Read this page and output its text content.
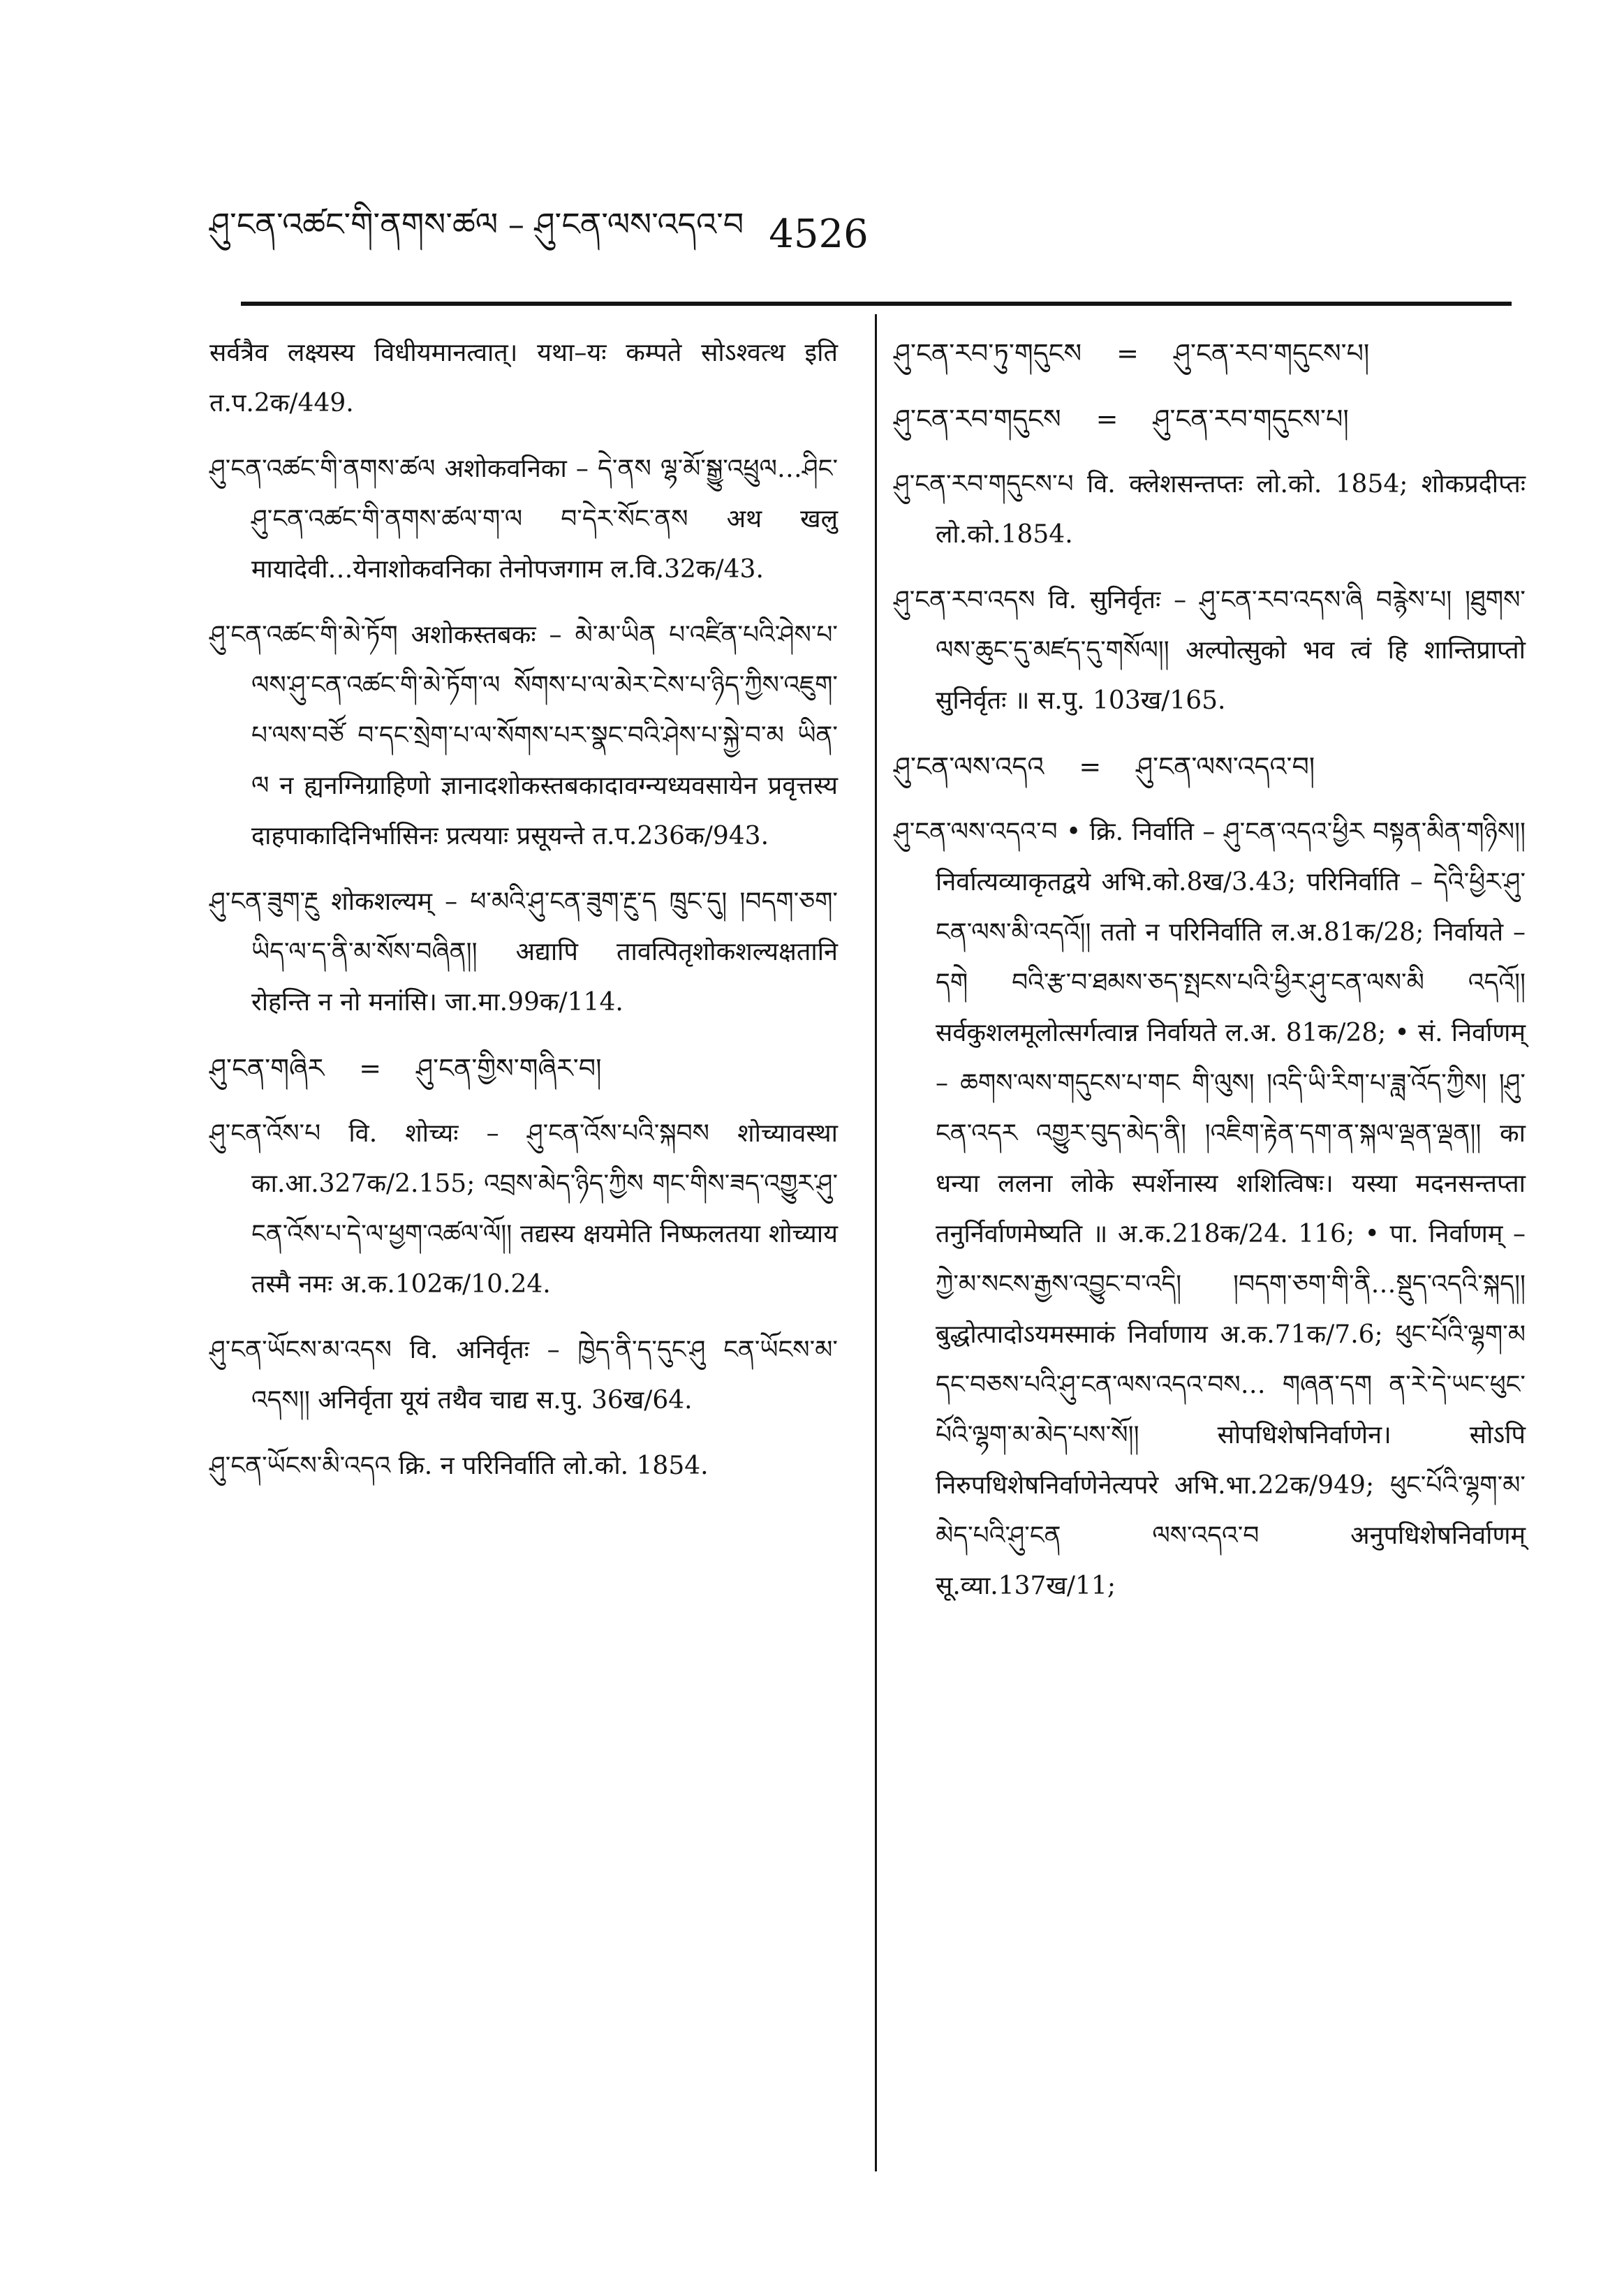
ཤུ་ངན་འཚང་གི་ནགས་ཚལ – ཤུ་ངན་ལས་འདའ་བ 4526

सर्वत्रैव लक्ष्यस्य विधीयमानत्वात्। यथा–यः कम्पते सोऽश्वत्थ इति त.प.2क/449.

ཤུ་ངན་འཚང་གི་ནགས་ཚལ अशोकवनिका – དེ་ནས ལྷ་མོ་སྒྱུ་འཕྲུལ…ཤིང་ཤུ་ངན་འཚང་གི་ནགས་ཚལ་ག་ལ བ་དེར་སོང་ནས अथ खलु मायादेवी…येनाशोकवनिका तेनोपजगाम ल.वि.32क/43.

ཤུ་ངན་འཚང་གི་མེ་ཏོག अशोकस्तबकः – མེ་མ་ཡིན པ་འཛིན་པའི་ཤེས་པ་ལས་ཤུ་ངན་འཚང་གི་མེ་ཏོག་ལ སོགས་པ་ལ་མེར་ངེས་པ་ཉིད་ཀྱིས་འཇུག་པ་ལས་བཙོ བ་དང་སྲེག་པ་ལ་སོགས་པར་སྣང་བའི་ཤེས་པ་སྐྱེ་བ་མ ཡིན་ལ न ह्यनग्निग्राहिणो ज्ञानादशोकस्तबकादावग्न्यध्यवसायेन प्रवृत्तस्य दाहपाकादिनिर्भासिनः प्रत्ययाः प्रसूयन्ते त.प.236क/943.

ཤུ་ངན་ཟུག་རྔུ शोकशल्यम् – ཕ་མའི་ཤུ་ངན་ཟུག་རྔུ་ད ཁྲུང་དུ། །བདག་ཅག་ཡིད་ལ་ད་ནི་མ་སོས་བཞིན།། अद्यापि तावत्पितृशोकशल्यक्षतानि रोहन्ति न नो मनांसि। जा.मा.99क/114.

ཤུ་ངན་གཞིར = ཤུ་ངན་གྱིས་གཞིར་བ།

ཤུ་ངན་འོས་པ वि. शोच्यः – ཤུ་ངན་འོས་པའི་སྐབས शोच्यावस्था का.आ.327क/2.155; འབྲས་མེད་ཉིད་ཀྱིས གང་གིས་ཟད་འགྱུར་ཤུ་ངན་འོས་པ་དེ་ལ་ཕྱག་འཚལ་ལོ།། तद्यस्य क्षयमेति निष्फलतया शोच्याय तस्मै नमः अ.क.102क/10.24.

ཤུ་ངན་ཡོངས་མ་འདས वि. अनिर्वृतः – ཁྱེད་ནི་ད་དུང་ཤུ ངན་ཡོངས་མ་འདས།། अनिर्वृता यूयं तथैव चाद्य स.पु. 36ख/64.

ཤུ་ངན་ཡོངས་མི་འདའ क्रि. न परिनिर्वाति लो.को. 1854.

ཤུ་ངན་རབ་ཏུ་གདུངས = ཤུ་ངན་རབ་གདུངས་པ།
ཤུ་ངན་རབ་གདུངས = ཤུ་ངན་རབ་གདུངས་པ།

ཤུ་ངན་རབ་གདུངས་པ वि. क्लेशसन्तप्तः लो.को. 1854; शोकप्रदीप्तः लो.को.1854.

ཤུ་ངན་རབ་འདས वि. सुनिर्वृतः – ཤུ་ངན་རབ་འདས་ཞི བརྙེས་པ། །ཐུགས་ལས་ཆུང་དུ་མཛད་དུ་གསོལ།། अल्पोत्सुको भव त्वं हि शान्तिप्राप्तो सुनिर्वृतः ॥ स.पु. 103ख/165.

ཤུ་ངན་ལས་འདའ = ཤུ་ངན་ལས་འདའ་བ།

ཤུ་ངན་ལས་འདའ་བ • क्रि. निर्वाति – ཤུ་ངན་འདའ་ཕྱིར བསྟན་མིན་གཉིས།། निर्वात्यव्याकृतद्वये अभि.को.8ख/3.43; परिनिर्वाति – དེའི་ཕྱིར་ཤུ་ངན་ལས་མི་འདའོ།། ततो न परिनिर्वाति ल.अ.81क/28; निर्वायते – དགེ བའི་རྩ་བ་ཐམས་ཅད་སྤངས་པའི་ཕྱིར་ཤུ་ངན་ལས་མི འདའོ།། सर्वकुशलमूलोत्सर्गत्वान्न निर्वायते ल.अ. 81क/28; • सं. निर्वाणम् – ཆགས་ལས་གདུངས་པ་གང གི་ལུས། །འདི་ཡི་རིག་པ་ཟླ་འོད་ཀྱིས། །ཤུ་ངན་འདར འགྱུར་བུད་མེད་ནི། །འཇིག་རྟེན་དག་ན་སྐལ་ལྡན་ལྡན།། का धन्या ललना लोके स्पर्शेनास्य शशित्विषः। यस्या मदनसन्तप्ता तनुर्निर्वाणमेष्यति ॥ अ.क.218क/24. 116; • पा. निर्वाणम् – ཀྱེ་མ་སངས་རྒྱས་འབྱུང་བ་འདི། །བདག་ཅག་གི་ནི…སྡུད་འདའི་སྐད།། बुद्धोत्पादोऽयमस्माकं निर्वाणाय अ.क.71क/7.6; ཕུང་པོའི་ལྷག་མ དང་བཅས་པའི་ཤུ་ངན་ལས་འདའ་བས… གཞན་དག ན་རེ་དེ་ཡང་ཕུང་པོའི་ལྷག་མ་མེད་པས་སོ།། सोपधिशेषनिर्वाणेन। सोऽपि निरुपधिशेषनिर्वाणेनेत्यपरे अभि.भा.22क/949; ཕུང་པོའི་ལྷག་མ་མེད་པའི་ཤུ་ངན ལས་འདའ་བ अनुपधिशेषनिर्वाणम् सू.व्या.137ख/11;
